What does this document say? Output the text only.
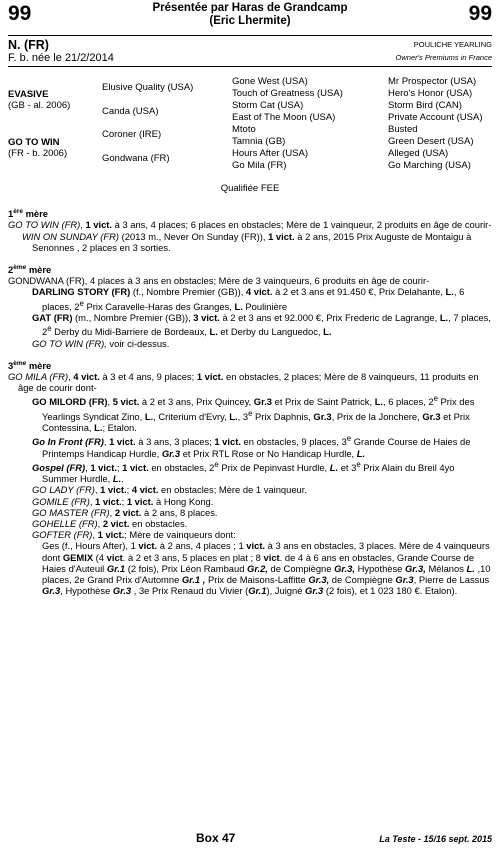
99	99
Présentée par Haras de Grandcamp
(Eric Lhermite)
N. (FR)
F. b. née le 21/2/2014
POULICHE YEARLING
Owner's Premiums in France
EVASIVE
(GB - al. 2006)
GO TO WIN
(FR - b. 2006)
Elusive Quality (USA)
Canda (USA)
Coroner (IRE)
Gondwana (FR)
Gone West (USA)
Touch of Greatness (USA)
Storm Cat (USA)
East of The Moon (USA)
Mtoto
Tamnia (GB)
Hours After (USA)
Go Mila (FR)
Mr Prospector (USA)
Hero's Honor (USA)
Storm Bird (CAN)
Private Account (USA)
Busted
Green Desert (USA)
Alleged (USA)
Go Marching (USA)
Qualifiée FEE
1ère mère
GO TO WIN (FR), 1 vict. à 3 ans, 4 places; 6 places en obstacles; Mère de 1 vainqueur, 2 produits en âge de courir-
WIN ON SUNDAY (FR) (2013 m., Never On Sunday (FR)), 1 vict. à 2 ans, 2015 Prix Auguste de Montaigu à Senonnes , 2 places en 3 sorties.
2ème mère
GONDWANA (FR), 4 places à 3 ans en obstacles; Mère de 3 vainqueurs, 6 produits en âge de courir-
DARLING STORY (FR) (f., Nombre Premier (GB)), 4 vict. à 2 et 3 ans et 91.450 €, Prix Delahante, L., 6 places, 2e Prix Caravelle-Haras des Granges, L. Poulinière
GAT (FR) (m., Nombre Premier (GB)), 3 vict. à 2 et 3 ans et 92.000 €, Prix Frederic de Lagrange, L., 7 places, 2e Derby du Midi-Barriere de Bordeaux, L. et Derby du Languedoc, L.
GO TO WIN (FR), voir ci-dessus.
3ème mère
GO MILA (FR), 4 vict. à 3 et 4 ans, 9 places; 1 vict. en obstacles, 2 places; Mère de 8 vainqueurs, 11 produits en âge de courir dont-
GO MILORD (FR), 5 vict. à 2 et 3 ans, Prix Quincey, Gr.3 et Prix de Saint Patrick, L., 6 places, 2e Prix des Yearlings Syndicat Zino, L., Criterium d'Evry, L., 3e Prix Daphnis, Gr.3, Prix de la Jonchere, Gr.3 et Prix Contessina, L.; Etalon.
Go In Front (FR), 1 vict. à 3 ans, 3 places; 1 vict. en obstacles, 9 places, 3e Grande Course de Haies de Printemps Handicap Hurdle, Gr.3 et Prix RTL Rose or No Handicap Hurdle, L.
Gospel (FR), 1 vict.; 1 vict. en obstacles, 2e Prix de Pepinvast Hurdle, L. et 3e Prix Alain du Breil 4yo Summer Hurdle, L..
GO LADY (FR), 1 vict.; 4 vict. en obstacles; Mère de 1 vainqueur.
GOMILE (FR), 1 vict.; 1 vict. à Hong Kong.
GO MASTER (FR), 2 vict. à 2 ans, 8 places.
GOHELLE (FR), 2 vict. en obstacles.
GOFTER (FR), 1 vict.; Mère de vainqueurs dont:
Ges (f., Hours After), 1 vict. à 2 ans, 4 places ; 1 vict. à 3 ans en obstacles, 3 places. Mère de 4 vainqueurs dont GEMIX (4 vict. à 2 et 3 ans, 5 places en plat ; 8 vict. de 4 à 6 ans en obstacles, Grande Course de Haies d'Auteuil Gr.1 (2 fois), Prix Léon Rambaud Gr.2, de Compiègne Gr.3, Hypothèse Gr.3, Mélanos L. ,10 places, 2e Grand Prix d'Automne Gr.1 , Prix de Maisons-Laffitte Gr.3, de Compiègne Gr.3, Pierre de Lassus Gr.3, Hypothèse Gr.3 , 3e Prix Renaud du Vivier (Gr.1), Juigné Gr.3 (2 fois), et 1 023 180 €. Etalon).
Box 47	La Teste - 15/16 sept. 2015
